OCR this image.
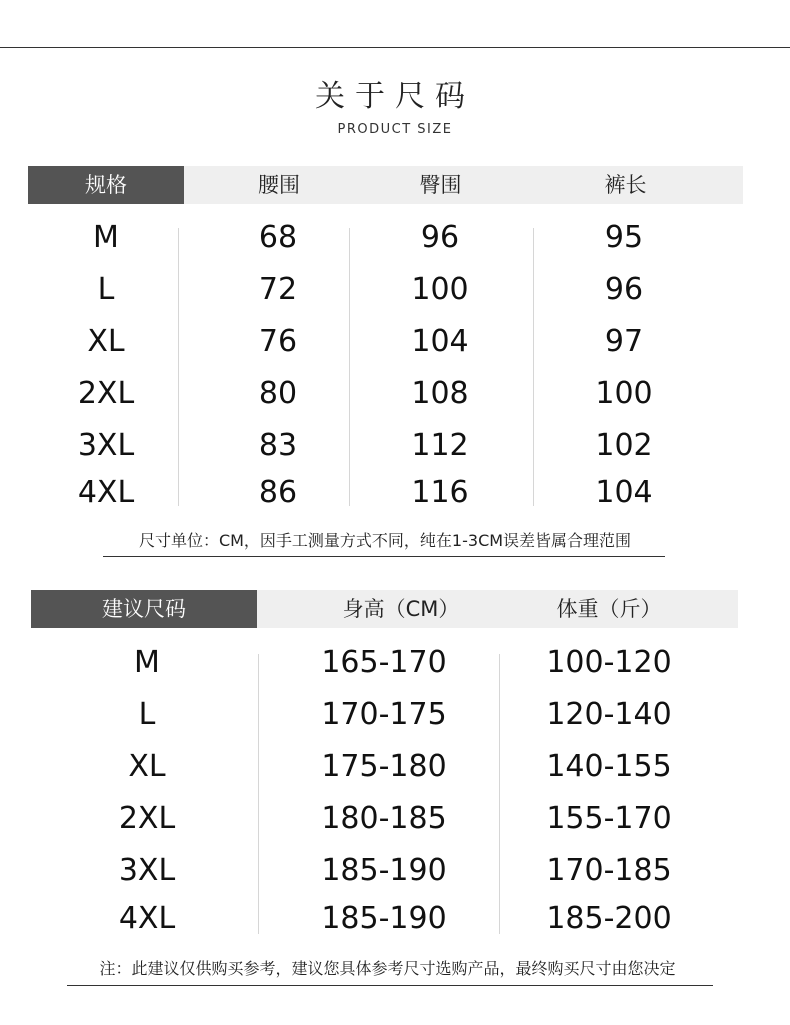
关于尺码
PRODUCT SIZE
规格	腰围	臀围	裤长
M	68	96	95
L	72	100	96
XL	76	104	97
2XL	80	108	100
3XL	83	112	102
4XL	86	116	104
尺寸单位：CM，因手工测量方式不同，纯在1-3CM误差皆属合理范围
建议尺码	身高（CM）	体重（斤）
M	165-170	100-120
L	170-175	120-140
XL	175-180	140-155
2XL	180-185	155-170
3XL	185-190	170-185
4XL	185-190	185-200
注：此建议仅供购买参考，建议您具体参考尺寸选购产品，最终购买尺寸由您决定
